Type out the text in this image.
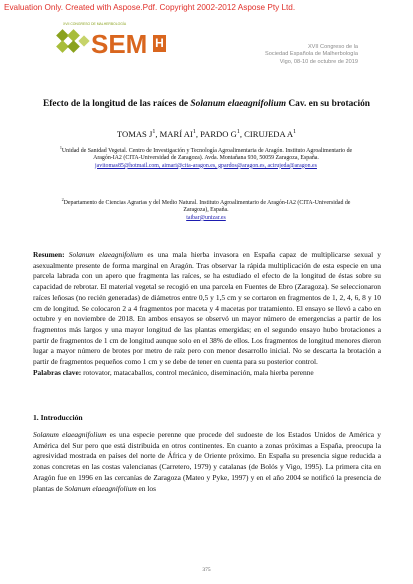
Evaluation Only. Created with Aspose.Pdf. Copyright 2002-2012 Aspose Pty Ltd.
XVII CONGRESO DE MALHERBOLOGÍA
SEM H	XVII Congreso de la
Sociedad Española de Malherbología
Vigo, 08-10 de octubre de 2019
Efecto de la longitud de las raíces de Solanum elaeagnifolium Cav. en su brotación
TOMAS $J^1$, MARÍ $AI^1$, PARDO $G^1$, CIRUJEDA $A^1$
$^1$Unidad de Sanidad Vegetal. Centro de Investigación y Tecnología Agroalimentaria de Aragón. Instituto Agroalimentario de Aragón-IA2 (CITA-Universidad de Zaragoza). Avda. Montañana 930, 50059 Zaragoza, España.
javitomas85@hotmail.com, aimari@cita-aragon.es, gpardos@aragon.es, acirujeda@aragon.es
$^2$Departamento de Ciencias Agrarias y del Medio Natural. Instituto Agroalimentario de Aragón-IA2 (CITA-Universidad de Zaragoza), España.
taibar@unizar.es
Resumen: Solanum elaeagnifolium es una mala hierba invasora en España capaz de multiplicarse sexual y asexualmente presente de forma marginal en Aragón. Tras observar la rápida multiplicación de esta especie en una parcela labrada con un apero que fragmenta las raíces, se ha estudiado el efecto de la longitud de éstas sobre su capacidad de rebrotar. El material vegetal se recogió en una parcela en Fuentes de Ebro (Zaragoza). Se seleccionaron raíces leñosas (no recién generadas) de diámetros entre 0,5 y 1,5 cm y se cortaron en fragmentos de 1, 2, 4, 6, 8 y 10 cm de longitud. Se colocaron 2 a 4 fragmentos por maceta y 4 macetas por tratamiento. El ensayo se llevó a cabo en octubre y en noviembre de 2018. En ambos ensayos se observó un mayor número de emergencias a partir de los fragmentos más largos y una mayor longitud de las plantas emergidas; en el segundo ensayo hubo brotaciones a partir de fragmentos de 1 cm de longitud aunque solo en el 38% de ellos. Los fragmentos de longitud menores dieron lugar a mayor número de brotes por metro de raíz pero con menor desarrollo inicial. No se descarta la brotación a partir de fragmentos pequeños como 1 cm y se debe de tener en cuenta para su posterior control.
Palabras clave: rotovator, matacaballos, control mecánico, diseminación, mala hierba perenne
1. Introducción
Solanum elaeagnifolium es una especie perenne que procede del sudoeste de los Estados Unidos de América y América del Sur pero que está distribuida en otros continentes. En cuanto a zonas próximas a España, preocupa la agresividad mostrada en países del norte de África y de Oriente próximo. En España su presencia sigue reducida a zonas concretas en las costas valencianas (Carretero, 1979) y catalanas (de Bolós y Vigo, 1995). La primera cita en Aragón fue en 1996 en las cercanías de Zaragoza (Mateo y Pyke, 1997) y en el año 2004 se notificó la presencia de plantas de Solanum elaeagnifolium en los
375
